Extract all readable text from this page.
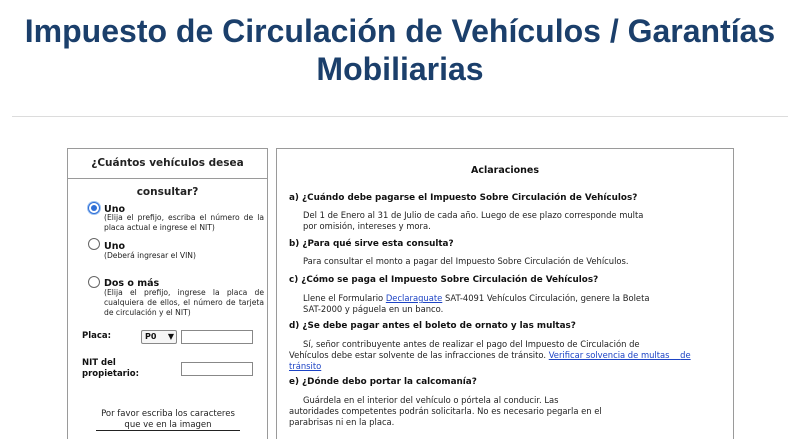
Impuesto de Circulación de Vehículos / Garantías
Mobiliarias
¿Cuántos vehículos desea consultar?
Uno
(Elija el prefijo, escriba el número de la placa actual e ingrese el NIT)
Uno
(Deberá ingresar el VIN)
Dos o más
(Elija el prefijo, ingrese la placa de cualquiera de ellos, el número de tarjeta de circulación y el NIT)
Placa:	P0 ▼
NIT del
propietario:
Por favor escriba los caracteres
que ve en la imagen
Aclaraciones
a) ¿Cuándo debe pagarse el Impuesto Sobre Circulación de Vehículos?
Del 1 de Enero al 31 de Julio de cada año. Luego de ese plazo corresponde multa
por omisión, intereses y mora.
b) ¿Para qué sirve esta consulta?
Para consultar el monto a pagar del Impuesto Sobre Circulación de Vehículos.
c) ¿Cómo se paga el Impuesto Sobre Circulación de Vehículos?
Llene el Formulario Declaraguate SAT-4091 Vehículos Circulación, genere la Boleta
SAT-2000 y páguela en un banco.
d) ¿Se debe pagar antes el boleto de ornato y las multas?
Sí, señor contribuyente antes de realizar el pago del Impuesto de Circulación de
Vehículos debe estar solvente de las infracciones de tránsito. Verificar solvencia de multas de
tránsito
e) ¿Dónde debo portar la calcomanía?
Guárdela en el interior del vehículo o pórtela al conducir. Las
autoridades competentes podrán solicitarla. No es necesario pegarla en el
parabrisas ni en la placa.
